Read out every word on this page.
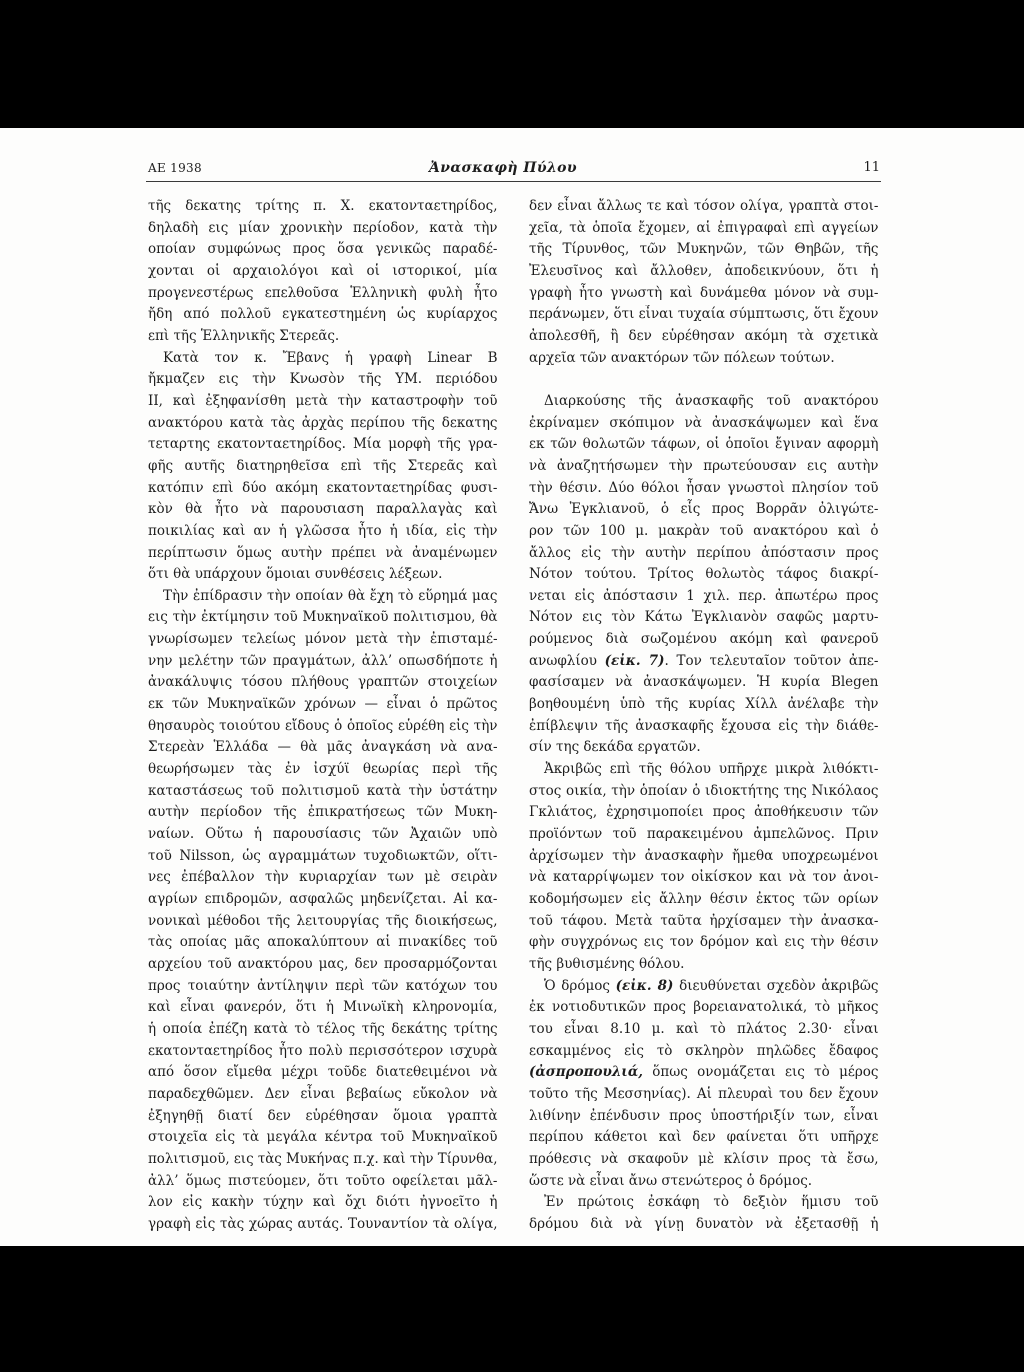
ΑΕ 1938	Ἀνασκαφὴ Πύλου	11
τῆς δεκατης τρίτης π. Χ. εκατονταετηρίδος,
δηλαδὴ εις μίαν χρονικὴν περίοδον, κατὰ τὴν
οποίαν συμφώνως προς ὅσα γενικῶς παραδέ-
χονται οἱ αρχαιολόγοι καὶ οἱ ιστορικοί, μία
προγενεστέρως επελθοῦσα Ἑλληνικὴ φυλὴ ἦτο
ἤδη από πολλοῦ εγκατεστημένη ὡς κυρίαρχος
επὶ τῆς Ἑλληνικῆς Στερεᾶς.
Κατὰ τον κ. Ἔβανς ἡ γραφὴ Linear B
ἤκμαζεν εις τὴν Κνωσὸν τῆς ΥΜ. περιόδου
II, καὶ ἐξηφανίσθη μετὰ τὴν καταστροφὴν τοῦ
ανακτόρου κατὰ τὰς ἀρχὰς περίπου τῆς δεκατης
τεταρτης εκατονταετηρίδος. Μία μορφὴ τῆς γρα-
φῆς αυτῆς διατηρηθεῖσα επὶ τῆς Στερεᾶς καὶ
κατόπιν επὶ δύο ακόμη εκατονταετηρίδας φυσι-
κὸν θὰ ἦτο νὰ παρουσιαση παραλλαγὰς καὶ
ποικιλίας καὶ αν ἡ γλῶσσα ἦτο ἡ ιδία, εἰς τὴν
περίπτωσιν ὅμως αυτὴν πρέπει νὰ ἀναμένωμεν
ὅτι θὰ υπάρχουν ὅμοιαι συνθέσεις λέξεων.
Τὴν ἐπίδρασιν τὴν οποίαν θὰ ἔχη τὸ εὕρημά μας
εις τὴν ἐκτίμησιν τοῦ Μυκηναϊκοῦ πολιτισμου, θὰ
γνωρίσωμεν τελείως μόνον μετὰ τὴν ἐπισταμέ-
νην μελέτην τῶν πραγμάτων, ἀλλ’ οπωσδήποτε ἡ
ἀνακάλυψις τόσου πλήθους γραπτῶν στοιχείων
εκ τῶν Μυκηναϊκῶν χρόνων — εἶναι ὁ πρῶτος
θησαυρὸς τοιούτου εἴδους ὁ ὁποῖος εὑρέθη εἰς τὴν
Στερεὰν Ἑλλάδα — θὰ μᾶς ἀναγκάση νὰ ανα-
θεωρήσωμεν τὰς ἐν ἰσχύϊ θεωρίας περὶ τῆς
καταστάσεως τοῦ πολιτισμοῦ κατὰ τὴν ὑστάτην
αυτὴν περίοδον τῆς ἐπικρατήσεως τῶν Μυκη-
ναίων. Οὕτω ἡ παρουσίασις τῶν Ἀχαιῶν υπὸ
τοῦ Nilsson, ὡς αγραμμάτων τυχοδιωκτῶν, οἵτι-
νες ἐπέβαλλον τὴν κυριαρχίαν των μὲ σειρὰν
αγρίων επιδρομῶν, ασφαλῶς μηδενίζεται. Αἱ κα-
νονικαὶ μέθοδοι τῆς λειτουργίας τῆς διοικήσεως,
τὰς οποίας μᾶς αποκαλύπτουν αἱ πινακίδες τοῦ
αρχείου τοῦ ανακτόρου μας, δεν προσαρμόζονται
προς τοιαύτην ἀντίληψιν περὶ τῶν κατόχων του
καὶ εἶναι φανερόν, ὅτι ἡ Μινωϊκὴ κληρονομία,
ἡ οποία ἐπέζη κατὰ τὸ τέλος τῆς δεκάτης τρίτης
εκατονταετηρίδος ἦτο πολὺ περισσότερον ισχυρὰ
από ὅσον εἴμεθα μέχρι τοῦδε διατεθειμένοι νὰ
παραδεχθῶμεν. Δεν εἶναι βεβαίως εὔκολον νὰ
ἐξηγηθῇ διατί δεν εὑρέθησαν ὅμοια γραπτὰ
στοιχεῖα εἰς τὰ μεγάλα κέντρα τοῦ Μυκηναϊκοῦ
πολιτισμοῦ, εις τὰς Μυκήνας π.χ. καὶ τὴν Τίρυνθα,
ἀλλ’ ὅμως πιστεύομεν, ὅτι τοῦτο οφείλεται μᾶλ-
λον εἰς κακὴν τύχην καὶ ὄχι διότι ἠγνοεῖτο ἡ
γραφὴ εἰς τὰς χώρας αυτάς. Τουναντίον τὰ ολίγα,
δεν εἶναι ἄλλως τε καὶ τόσον ολίγα, γραπτὰ στοι-
χεῖα, τὰ ὁποῖα ἔχομεν, αἱ ἐπιγραφαὶ επὶ αγγείων
τῆς Τίρυνθος, τῶν Μυκηνῶν, τῶν Θηβῶν, τῆς
Ἐλευσῖνος καὶ ἄλλοθεν, ἀποδεικνύουν, ὅτι ἡ
γραφὴ ἦτο γνωστὴ καὶ δυνάμεθα μόνον νὰ συμ-
περάνωμεν, ὅτι εἶναι τυχαία σύμπτωσις, ὅτι ἔχουν
ἀπολεσθῆ, ἢ δεν εὑρέθησαν ακόμη τὰ σχετικὰ
αρχεῖα τῶν ανακτόρων τῶν πόλεων τούτων.
Διαρκούσης τῆς ἀνασκαφῆς τοῦ ανακτόρου
ἐκρίναμεν σκόπιμον νὰ ἀνασκάψωμεν καὶ ἕνα
εκ τῶν θολωτῶν τάφων, οἱ ὁποῖοι ἔγιναν αφορμὴ
νὰ ἀναζητήσωμεν τὴν πρωτεύουσαν εις αυτὴν
τὴν θέσιν. Δύο θόλοι ἦσαν γνωστοὶ πλησίον τοῦ
Ἄνω Ἐγκλιανοῦ, ὁ εἷς προς Βορρᾶν ὀλιγώτε-
ρον τῶν 100 μ. μακρὰν τοῦ ανακτόρου καὶ ὁ
ἄλλος εἰς τὴν αυτὴν περίπου ἀπόστασιν προς
Νότον τούτου. Τρίτος θολωτὸς τάφος διακρί-
νεται εἰς ἀπόστασιν 1 χιλ. περ. ἀπωτέρω προς
Νότον εις τὸν Κάτω Ἐγκλιανὸν σαφῶς μαρτυ-
ρούμενος διὰ σωζομένου ακόμη καὶ φανεροῦ
ανωφλίου (εἰκ. 7). Τον τελευταῖον τοῦτον ἀπε-
φασίσαμεν νὰ ἀνασκάψωμεν. Ἡ κυρία Blegen
βοηθουμένη ὑπὸ τῆς κυρίας Χίλλ ἀνέλαβε τὴν
ἐπίβλεψιν τῆς ἀνασκαφῆς ἔχουσα εἰς τὴν διάθε-
σίν της δεκάδα εργατῶν.
Ἀκριβῶς επὶ τῆς θόλου υπῆρχε μικρὰ λιθόκτι-
στος οικία, τὴν ὁποίαν ὁ ιδιοκτήτης της Νικόλαος
Γκλιάτος, ἐχρησιμοποίει προς ἀποθήκευσιν τῶν
προϊόντων τοῦ παρακειμένου ἀμπελῶνος. Πριν
ἀρχίσωμεν τὴν ἀνασκαφὴν ἤμεθα υποχρεωμένοι
νὰ καταρρίψωμεν τον οἰκίσκον και νὰ τον ἀνοι-
κοδομήσωμεν εἰς ἄλλην θέσιν ἐκτος τῶν ορίων
τοῦ τάφου. Μετὰ ταῦτα ἠρχίσαμεν τὴν ἀνασκα-
φὴν συγχρόνως εις τον δρόμον καὶ εις τὴν θέσιν
τῆς βυθισμένης θόλου.
Ὁ δρόμος (εἰκ. 8) διευθύνεται σχεδὸν ἀκριβῶς
ἐκ νοτιοδυτικῶν προς βορειανατολικά, τὸ μῆκος
του εἶναι 8.10 μ. καὶ τὸ πλάτος 2.30· εἶναι
εσκαμμένος εἰς τὸ σκληρὸν πηλῶδες ἔδαφος
(ἀσπροπουλιά, ὅπως ονομάζεται εις τὸ μέρος
τοῦτο τῆς Μεσσηνίας). Αἱ πλευραὶ του δεν ἔχουν
λιθίνην ἐπένδυσιν προς ὑποστήριξίν των, εἶναι
περίπου κάθετοι καὶ δεν φαίνεται ὅτι υπῆρχε
πρόθεσις νὰ σκαφοῦν μὲ κλίσιν προς τὰ ἔσω,
ὥστε νὰ εἶναι ἄνω στενώτερος ὁ δρόμος.
Ἐν πρώτοις ἐσκάφη τὸ δεξιὸν ἥμισυ τοῦ
δρόμου διὰ νὰ γίνῃ δυνατὸν νὰ ἐξετασθῇ ἡ
